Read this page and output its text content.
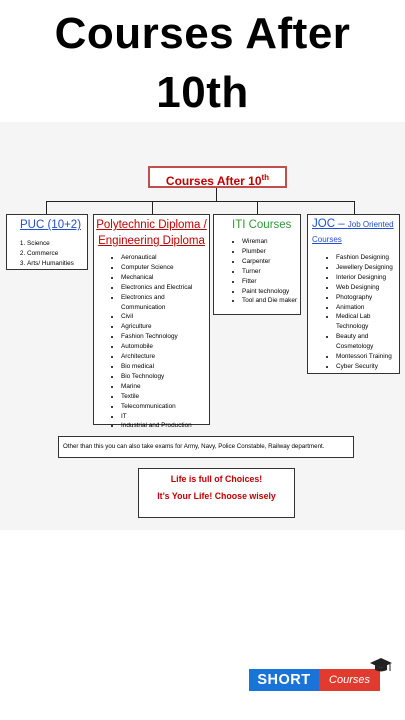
Courses After
10th
Courses After 10th
PUC (10+2)
1. Science
2. Commerce
3. Arts/ Humanities
Polytechnic Diploma /
Engineering Diploma
• Aeronautical
• Computer Science
• Mechanical
• Electronics and Electrical
• Electronics and Communication
• Civil
• Agriculture
• Fashion Technology
• Automobile
• Architecture
• Bio medical
• Bio Technology
• Marine
• Textile
• Telecommunication
• IT
• Industrial and Production
ITI Courses
• Wireman
• Plumber
• Carpenter
• Turner
• Fitter
• Paint technology
• Tool and Die maker
JOC – Job Oriented
Courses
• Fashion Designing
• Jewellery Designing
• Interior Designing
• Web Designing
• Photography
• Animation
• Medical Lab Technology
• Beauty and Cosmetology
• Montessori Training
• Cyber Security
Other than this you can also take exams for Army, Navy, Police Constable, Railway department.
Life is full of Choices!
It’s Your Life! Choose wisely
SHORT	Courses
